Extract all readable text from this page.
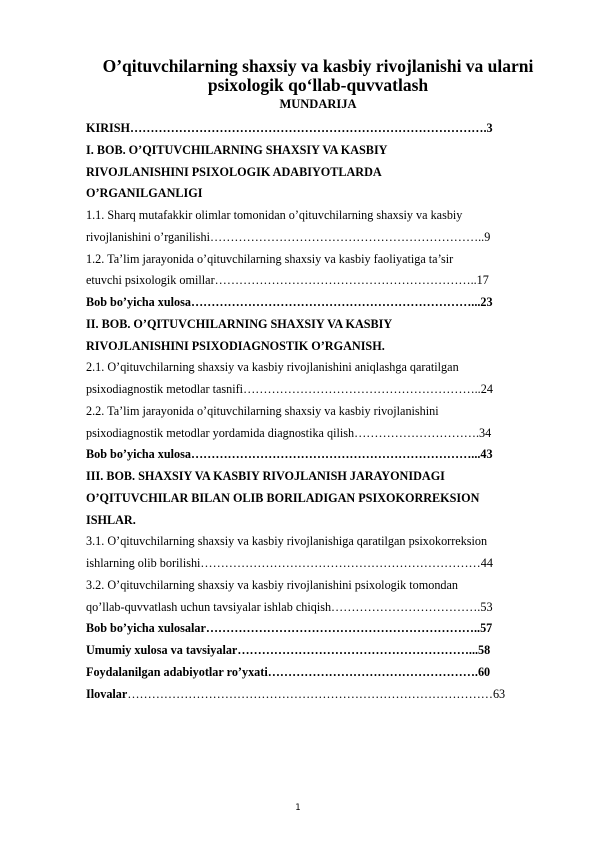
O’qituvchilarning shaxsiy va kasbiy rivojlanishi va ularni psixologik qo‘llab-quvvatlash
MUNDARIJA
KIRISH…………………………………………………………………………….3
I. BOB. O’QITUVCHILARNING SHAXSIY VA KASBIY
RIVOJLANISHINI PSIXOLOGIK ADABIYOTLARDA
O’RGANILGANLIGI
1.1. Sharq mutafakkir olimlar tomonidan o’qituvchilarning shaxsiy va kasbiy
rivojlanishini o’rganilishi…………………………………………………………..9
1.2. Ta’lim jarayonida o’qituvchilarning shaxsiy va kasbiy faoliyatiga ta’sir
etuvchi psixologik omillar………………………………………………………..17
Bob bo’yicha xulosa……………………………………………………………...23
II. BOB. O’QITUVCHILARNING SHAXSIY VA KASBIY
RIVOJLANISHINI PSIXODIAGNOSTIK O’RGANISH.
2.1. O’qituvchilarning shaxsiy va kasbiy rivojlanishini aniqlashga qaratilgan
psixodiagnostik metodlar tasnifi…………………………………………………..24
2.2. Ta’lim jarayonida o’qituvchilarning shaxsiy va kasbiy rivojlanishini
psixodiagnostik metodlar yordamida diagnostika qilish………………………….34
Bob bo’yicha xulosa……………………………………………………………...43
III. BOB. SHAXSIY VA KASBIY RIVOJLANISH JARAYONIDAGI
O’QITUVCHILAR BILAN OLIB BORILADIGAN PSIXOKORREKSION
ISHLAR.
3.1. O’qituvchilarning shaxsiy va kasbiy rivojlanishiga qaratilgan psixokorreksion
ishlarning olib borilishi……………………………………………………………44
3.2. O’qituvchilarning shaxsiy va kasbiy rivojlanishini psixologik tomondan
qo’llab-quvvatlash uchun tavsiyalar ishlab chiqish……………………………….53
Bob bo’yicha xulosalar…………………………………………………………..57
Umumiy xulosa va tavsiyalar…………………………………………………...58
Foydalanilgan adabiyotlar ro’yxati…………………………………………….60
Ilovalar………………………………………………………………………………63
1
